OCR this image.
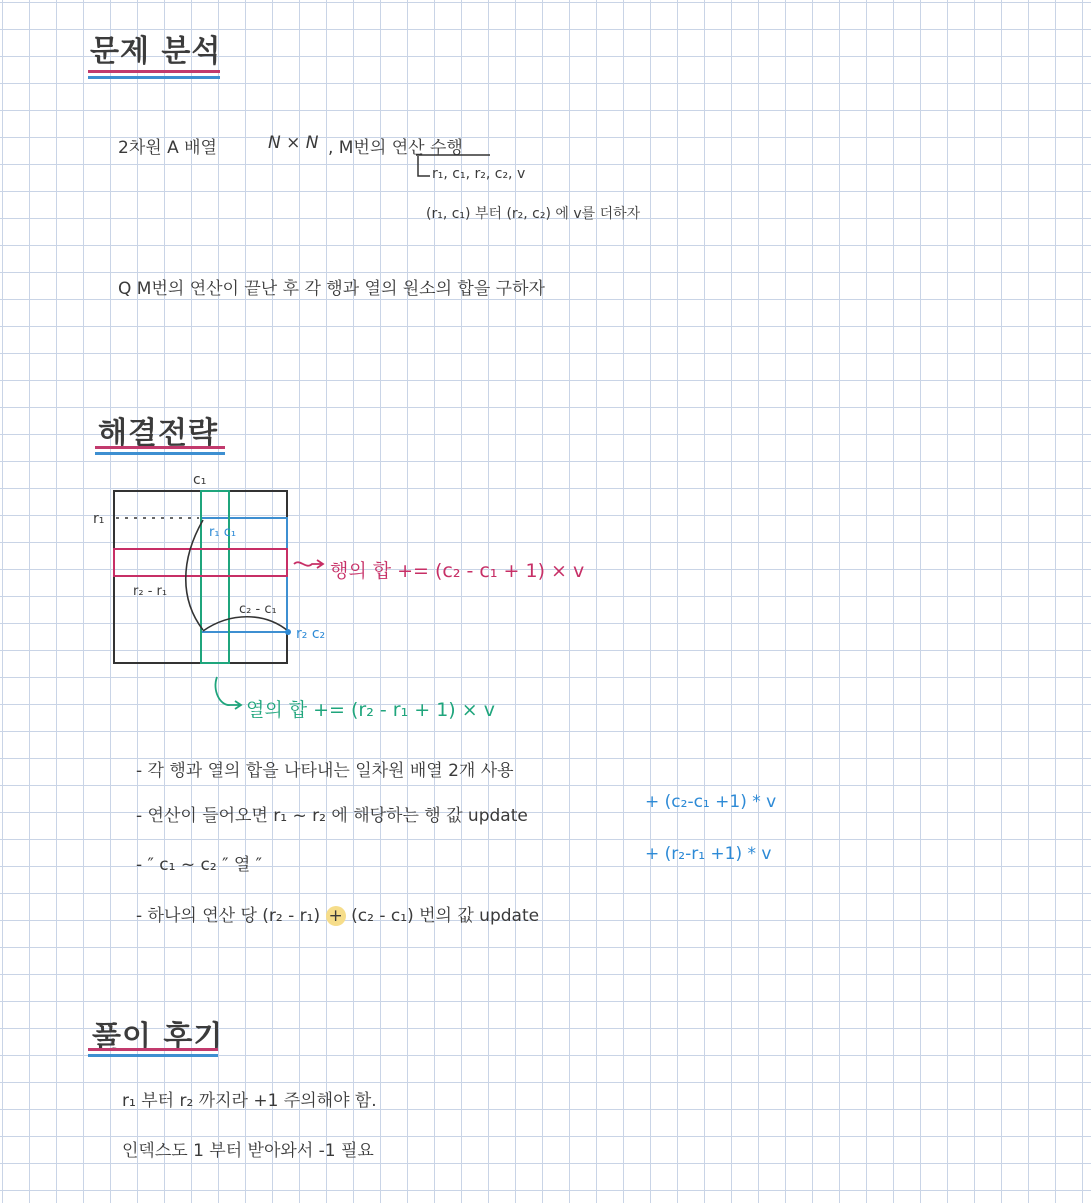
문제 분석
2차원 A 배열	N × N , M번의 연산 수행
r₁, c₁, r₂, c₂, v
(r₁, c₁) 부터 (r₂, c₂) 에 v를 더하자
Q M번의 연산이 끝난 후 각 행과 열의 원소의 합을 구하자
해결전략
c₁
r₁
r₁ c₁
r₂ - r₁
c₂ - c₁
r₂ c₂
행의 합 += (c₂ - c₁ + 1) × v
열의 합 += (r₂ - r₁ + 1) × v
- 각 행과 열의 합을 나타내는 일차원 배열 2개 사용
- 연산이 들어오면 r₁ ~ r₂ 에 해당하는 행 값 update
+ (c₂-c₁ +1) * v
- ″ c₁ ~ c₂ ″ 열 ″
+ (r₂-r₁ +1) * v
- 하나의 연산 당 (r₂ - r₁) + (c₂ - c₁) 번의 값 update
풀이 후기
r₁ 부터 r₂ 까지라 +1 주의해야 함.
인덱스도 1 부터 받아와서 -1 필요
